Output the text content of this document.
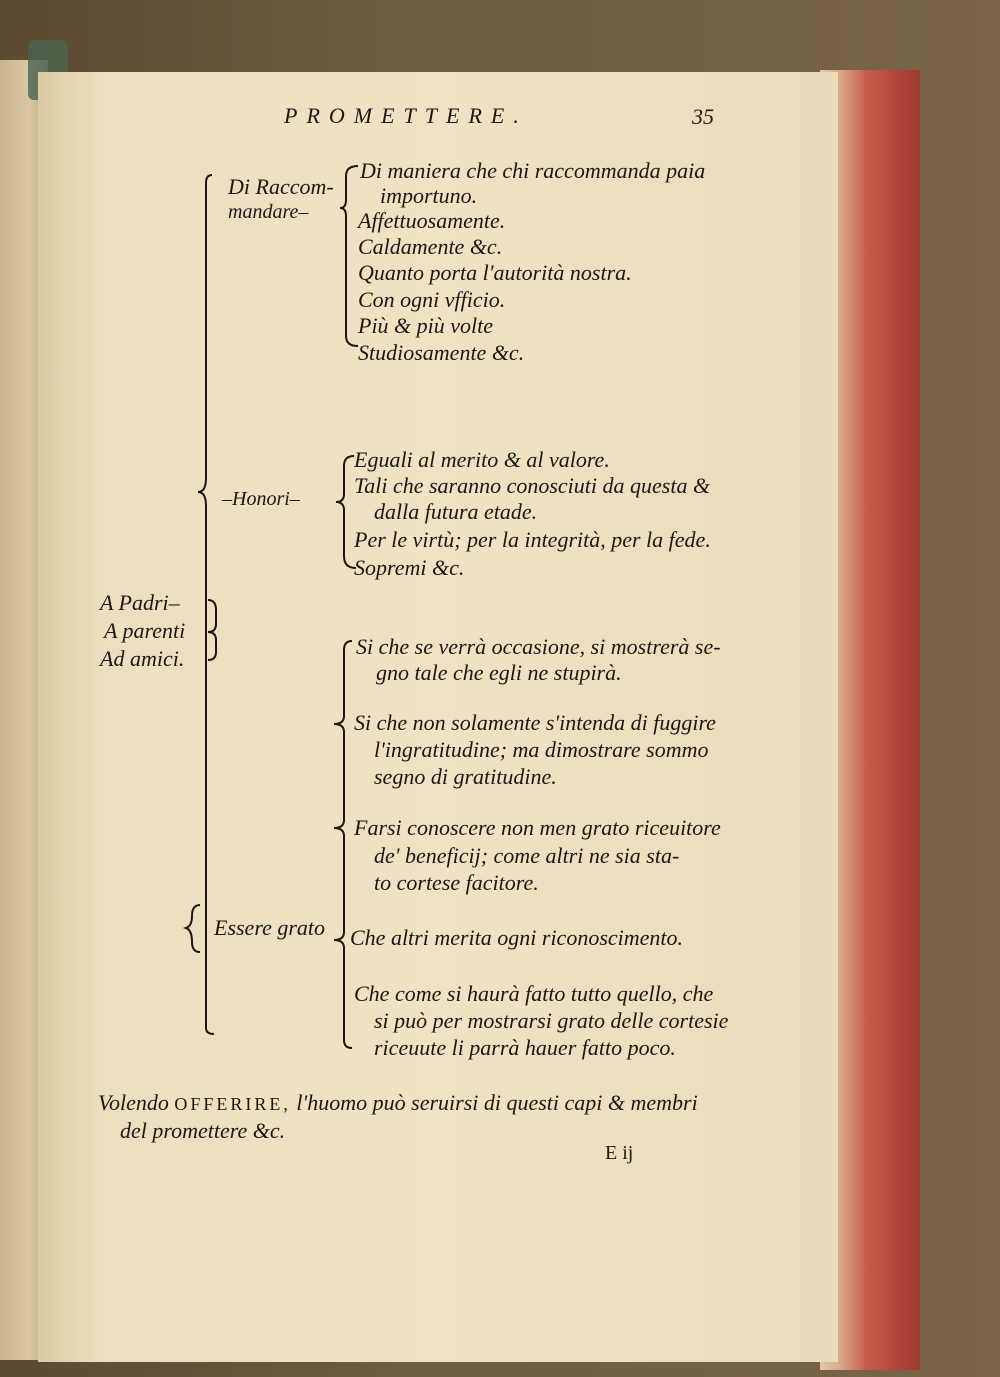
PROMETTERE.	35
A Padri–
A parenti
Ad amici.
Di Raccom-
mandare–
Di maniera che chi raccommanda paia
importuno.
Affettuosamente.
Caldamente &c.
Quanto porta l'autorità nostra.
Con ogni vfficio.
Più & più volte
Studiosamente &c.
–Honori–
Eguali al merito & al valore.
Tali che saranno conosciuti da questa &
dalla futura etade.
Per le virtù; per la integrità, per la fede.
Sopremi &c.
Essere grato
Si che se verrà occasione, si mostrerà se-
gno tale che egli ne stupirà.
Si che non solamente s'intenda di fuggire
l'ingratitudine; ma dimostrare sommo
segno di gratitudine.
Farsi conoscere non men grato riceuitore
de' beneficij; come altri ne sia sta-
to cortese facitore.
Che altri merita ogni riconoscimento.
Che come si haurà fatto tutto quello, che
si può per mostrarsi grato delle cortesie
riceuute li parrà hauer fatto poco.
Volendo OFFERIRE, l'huomo può seruirsi di questi capi & membri
del promettere &c.
E ij
